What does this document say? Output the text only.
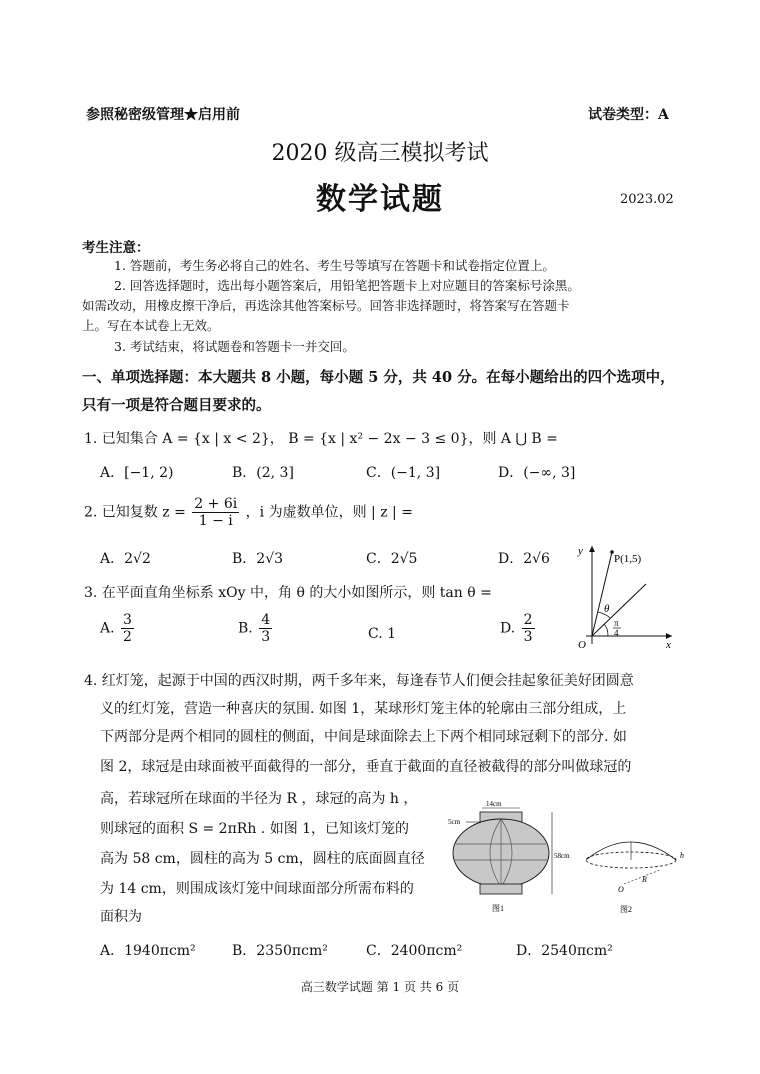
参照秘密级管理★启用前	试卷类型：A
2020 级高三模拟考试
数学试题	2023.02
考生注意：
1. 答题前，考生务必将自己的姓名、考生号等填写在答题卡和试卷指定位置上。
2. 回答选择题时，选出每小题答案后，用铅笔把答题卡上对应题目的答案标号涂黑。
如需改动，用橡皮擦干净后，再选涂其他答案标号。回答非选择题时，将答案写在答题卡
上。写在本试卷上无效。
3. 考试结束，将试题卷和答题卡一并交回。
一、单项选择题：本大题共 8 小题，每小题 5 分，共 40 分。在每小题给出的四个选项中，
只有一项是符合题目要求的。
1. 已知集合 A = {x | x < 2}， B = {x | x² − 2x − 3 ≤ 0}，则 A ⋃ B =
A．[−1, 2)	B．(2, 3]	C．(−1, 3]	D．(−∞, 3]
2. 已知复数 $z = \frac{2 + 6i}{1 - i}$ ，i 为虚数单位，则 | z | =
A．2√2	B．2√3	C．2√5	D．2√6
3. 在平面直角坐标系 xOy 中，角 θ 的大小如图所示，则 tan θ =
A. $\frac{3}{2}$	B. $\frac{4}{3}$	C. 1	D. $\frac{2}{3}$
y
x
O
P(1,5)
θ
π
4
4. 红灯笼，起源于中国的西汉时期，两千多年来，每逢春节人们便会挂起象征美好团圆意
义的红灯笼，营造一种喜庆的氛围. 如图 1，某球形灯笼主体的轮廓由三部分组成，上
下两部分是两个相同的圆柱的侧面，中间是球面除去上下两个相同球冠剩下的部分. 如
图 2，球冠是由球面被平面截得的一部分，垂直于截面的直径被截得的部分叫做球冠的
高，若球冠所在球面的半径为 R ，球冠的高为 h ，
则球冠的面积 S = 2πRh . 如图 1，已知该灯笼的
高为 58 cm，圆柱的高为 5 cm，圆柱的底面圆直径
为 14 cm，则围成该灯笼中间球面部分所需布料的
面积为
14cm
5cm
58cm
图1
h
R
O
图2
A．1940πcm²	B．2350πcm²	C．2400πcm²	D．2540πcm²
高三数学试题 第 1 页 共 6 页
